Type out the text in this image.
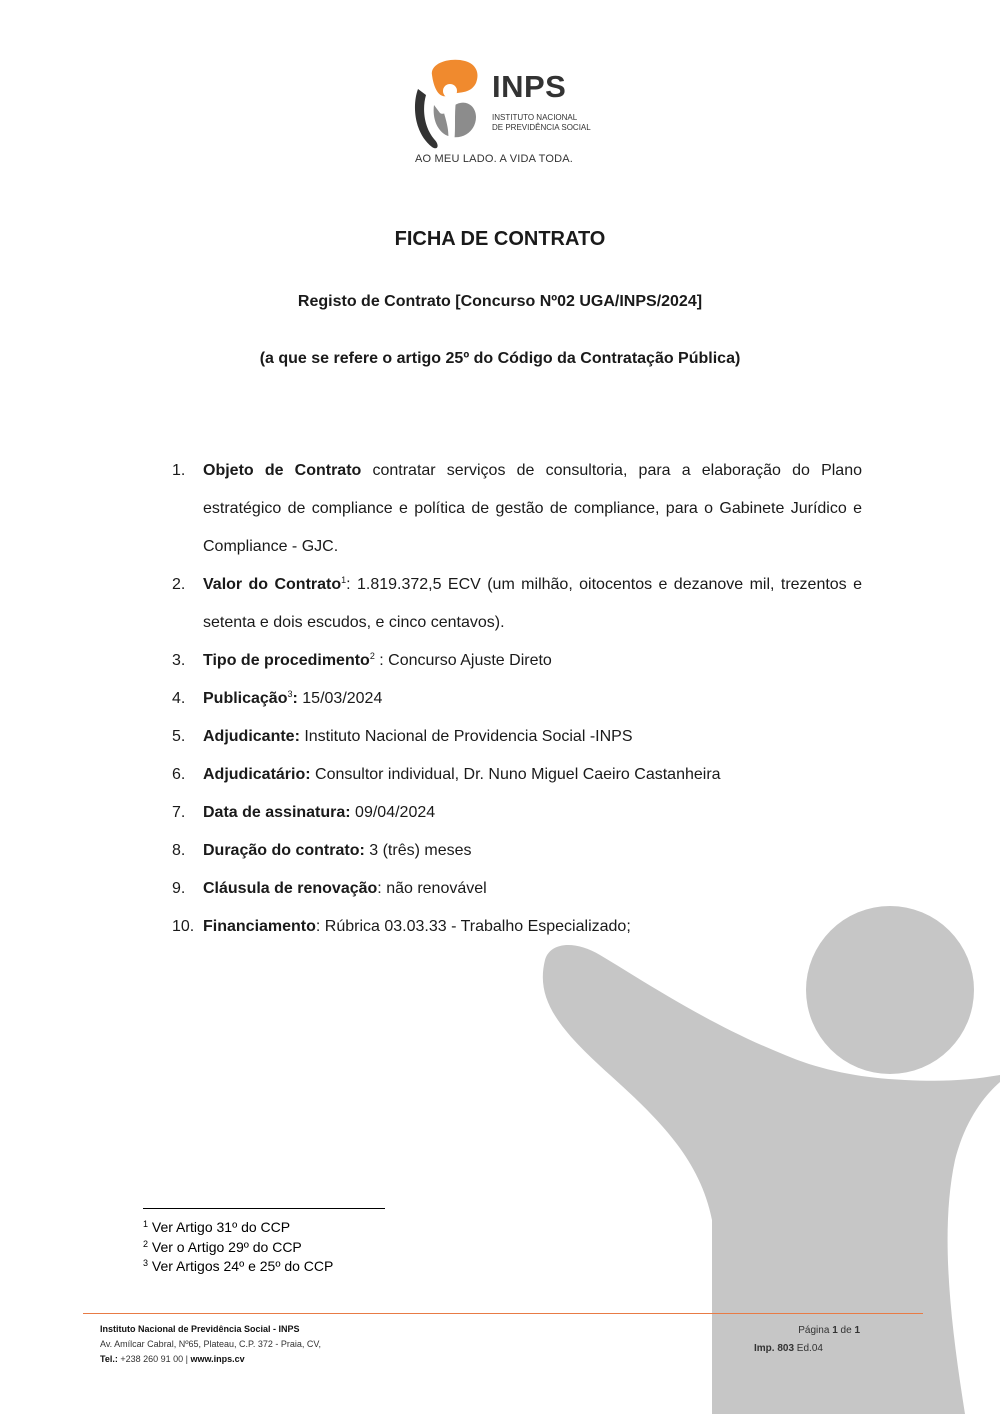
INPS
INSTITUTO NACIONAL
DE PREVIDÊNCIA SOCIAL
AO MEU LADO. A VIDA TODA.
FICHA DE CONTRATO
Registo de Contrato [Concurso Nº02 UGA/INPS/2024]
(a que se refere o artigo 25º do Código da Contratação Pública)
1. Objeto de Contrato contratar serviços de consultoria, para a elaboração do Plano estratégico de compliance e política de gestão de compliance, para o Gabinete Jurídico e Compliance - GJC.
2. Valor do Contrato$^1$: 1.819.372,5 ECV (um milhão, oitocentos e dezanove mil, trezentos e setenta e dois escudos, e cinco centavos).
3. Tipo de procedimento$^2$ : Concurso Ajuste Direto
4. Publicação$^3$: 15/03/2024
5. Adjudicante: Instituto Nacional de Providencia Social -INPS
6. Adjudicatário: Consultor individual, Dr. Nuno Miguel Caeiro Castanheira
7. Data de assinatura: 09/04/2024
8. Duração do contrato: 3 (três) meses
9. Cláusula de renovação: não renovável
10. Financiamento: Rúbrica 03.03.33 - Trabalho Especializado;
$^1$ Ver Artigo 31º do CCP
$^2$ Ver o Artigo 29º do CCP
$^3$ Ver Artigos 24º e 25º do CCP
Instituto Nacional de Previdência Social - INPS
Av. Amílcar Cabral, Nº65, Plateau, C.P. 372 - Praia, CV,
Tel.: +238 260 91 00 | www.inps.cv
Página 1 de 1
Imp. 803 Ed.04
